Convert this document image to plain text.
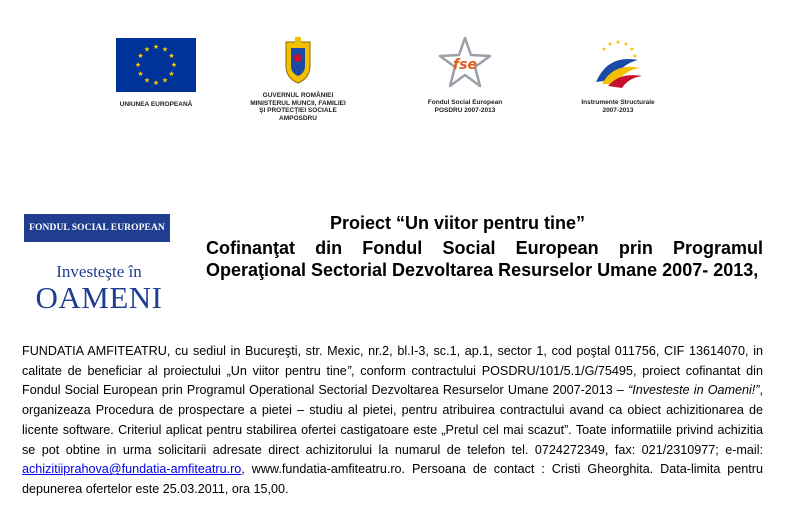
★ ★
★
★
★
★
★
★
★
★
★
★
UNIUNEA EUROPEANĂ
GUVERNUL ROMÂNIEI
MINISTERUL MUNCII, FAMILIEI
ŞI PROTECŢIEI SOCIALE
AMPOSDRU
fse
Fondul Social European
POSDRU 2007-2013
★ ★
★
★
★
★
Instrumente Structurale
2007-2013
FONDUL SOCIAL EUROPEAN
Investeşte în
OAMENI
Proiect “Un viitor pentru tine”
Cofinanţat din Fondul Social European prin Programul Operaţional Sectorial Dezvoltarea Resurselor Umane 2007- 2013,
FUNDATIA AMFITEATRU, cu sediul in Bucureşti, str. Mexic, nr.2, bl.I-3, sc.1, ap.1, sector 1, cod poştal 011756, CIF 13614070, in calitate de beneficiar al proiectului „Un viitor pentru tine”, conform contractului POSDRU/101/5.1/G/75495, proiect cofinantat din Fondul Social European prin Programul Operational Sectorial Dezvoltarea Resurselor Umane 2007-2013 – “Investeste in Oameni!”, organizeaza Procedura de prospectare a pietei – studiu al pietei, pentru atribuirea contractului avand ca obiect achizitionarea de licente software. Criteriul aplicat pentru stabilirea ofertei castigatoare este „Pretul cel mai scazut”. Toate informatiile privind achizitia se pot obtine in urma solicitarii adresate direct achizitorului la numarul de telefon tel. 0724272349, fax: 021/2310977; e-mail: achizitiiprahova@fundatia-amfiteatru.ro, www.fundatia-amfiteatru.ro. Persoana de contact : Cristi Gheorghita. Data-limita pentru depunerea ofertelor este 25.03.2011, ora 15,00.
